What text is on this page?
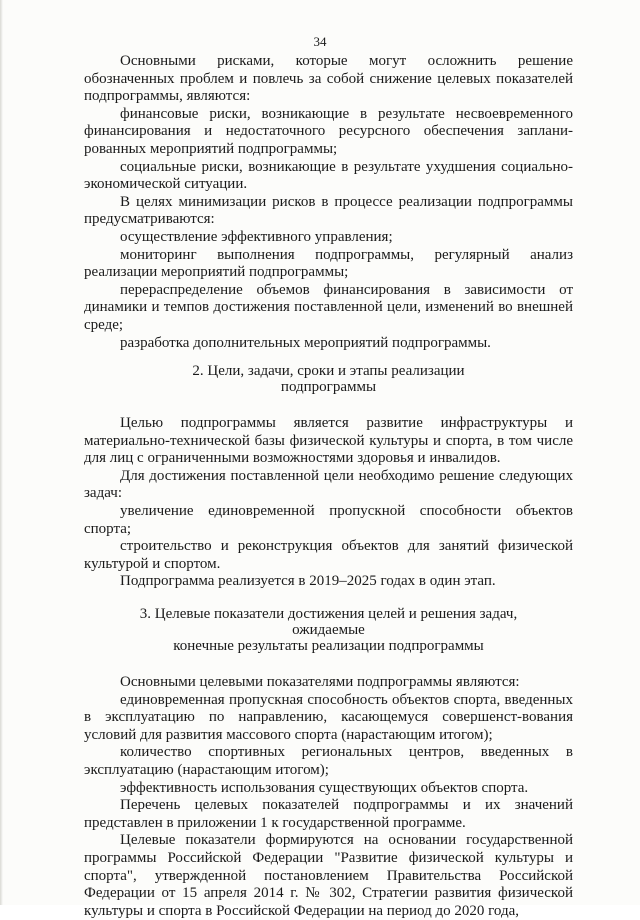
34

Основными рисками, которые могут осложнить решение обозначенных проблем и повлечь за собой снижение целевых показателей подпрограммы, являются:

финансовые риски, возникающие в результате несвоевременного финансирования и недостаточного ресурсного обеспечения заплани-рованных мероприятий подпрограммы;

социальные риски, возникающие в результате ухудшения социально-экономической ситуации.

В целях минимизации рисков в процессе реализации подпрограммы предусматриваются:

осуществление эффективного управления;

мониторинг выполнения подпрограммы, регулярный анализ реализации мероприятий подпрограммы;

перераспределение объемов финансирования в зависимости от динамики и темпов достижения поставленной цели, изменений во внешней среде;

разработка дополнительных мероприятий подпрограммы.

2. Цели, задачи, сроки и этапы реализации
подпрограммы

Целью подпрограммы является развитие инфраструктуры и материально-технической базы физической культуры и спорта, в том числе для лиц с ограниченными возможностями здоровья и инвалидов.

Для достижения поставленной цели необходимо решение следующих задач:

увеличение единовременной пропускной способности объектов спорта;

строительство и реконструкция объектов для занятий физической культурой и спортом.

Подпрограмма реализуется в 2019–2025 годах в один этап.

3. Целевые показатели достижения целей и решения задач, ожидаемые
конечные результаты реализации подпрограммы

Основными целевыми показателями подпрограммы являются:

единовременная пропускная способность объектов спорта, введенных в эксплуатацию по направлению, касающемуся совершенст-вования условий для развития массового спорта (нарастающим итогом);

количество спортивных региональных центров, введенных в эксплуатацию (нарастающим итогом);

эффективность использования существующих объектов спорта.

Перечень целевых показателей подпрограммы и их значений представлен в приложении 1 к государственной программе.

Целевые показатели формируются на основании государственной программы Российской Федерации "Развитие физической культуры и спорта", утвержденной постановлением Правительства Российской Федерации от 15 апреля 2014 г. № 302, Стратегии развития физической культуры и спорта в Российской Федерации на период до 2020 года,
